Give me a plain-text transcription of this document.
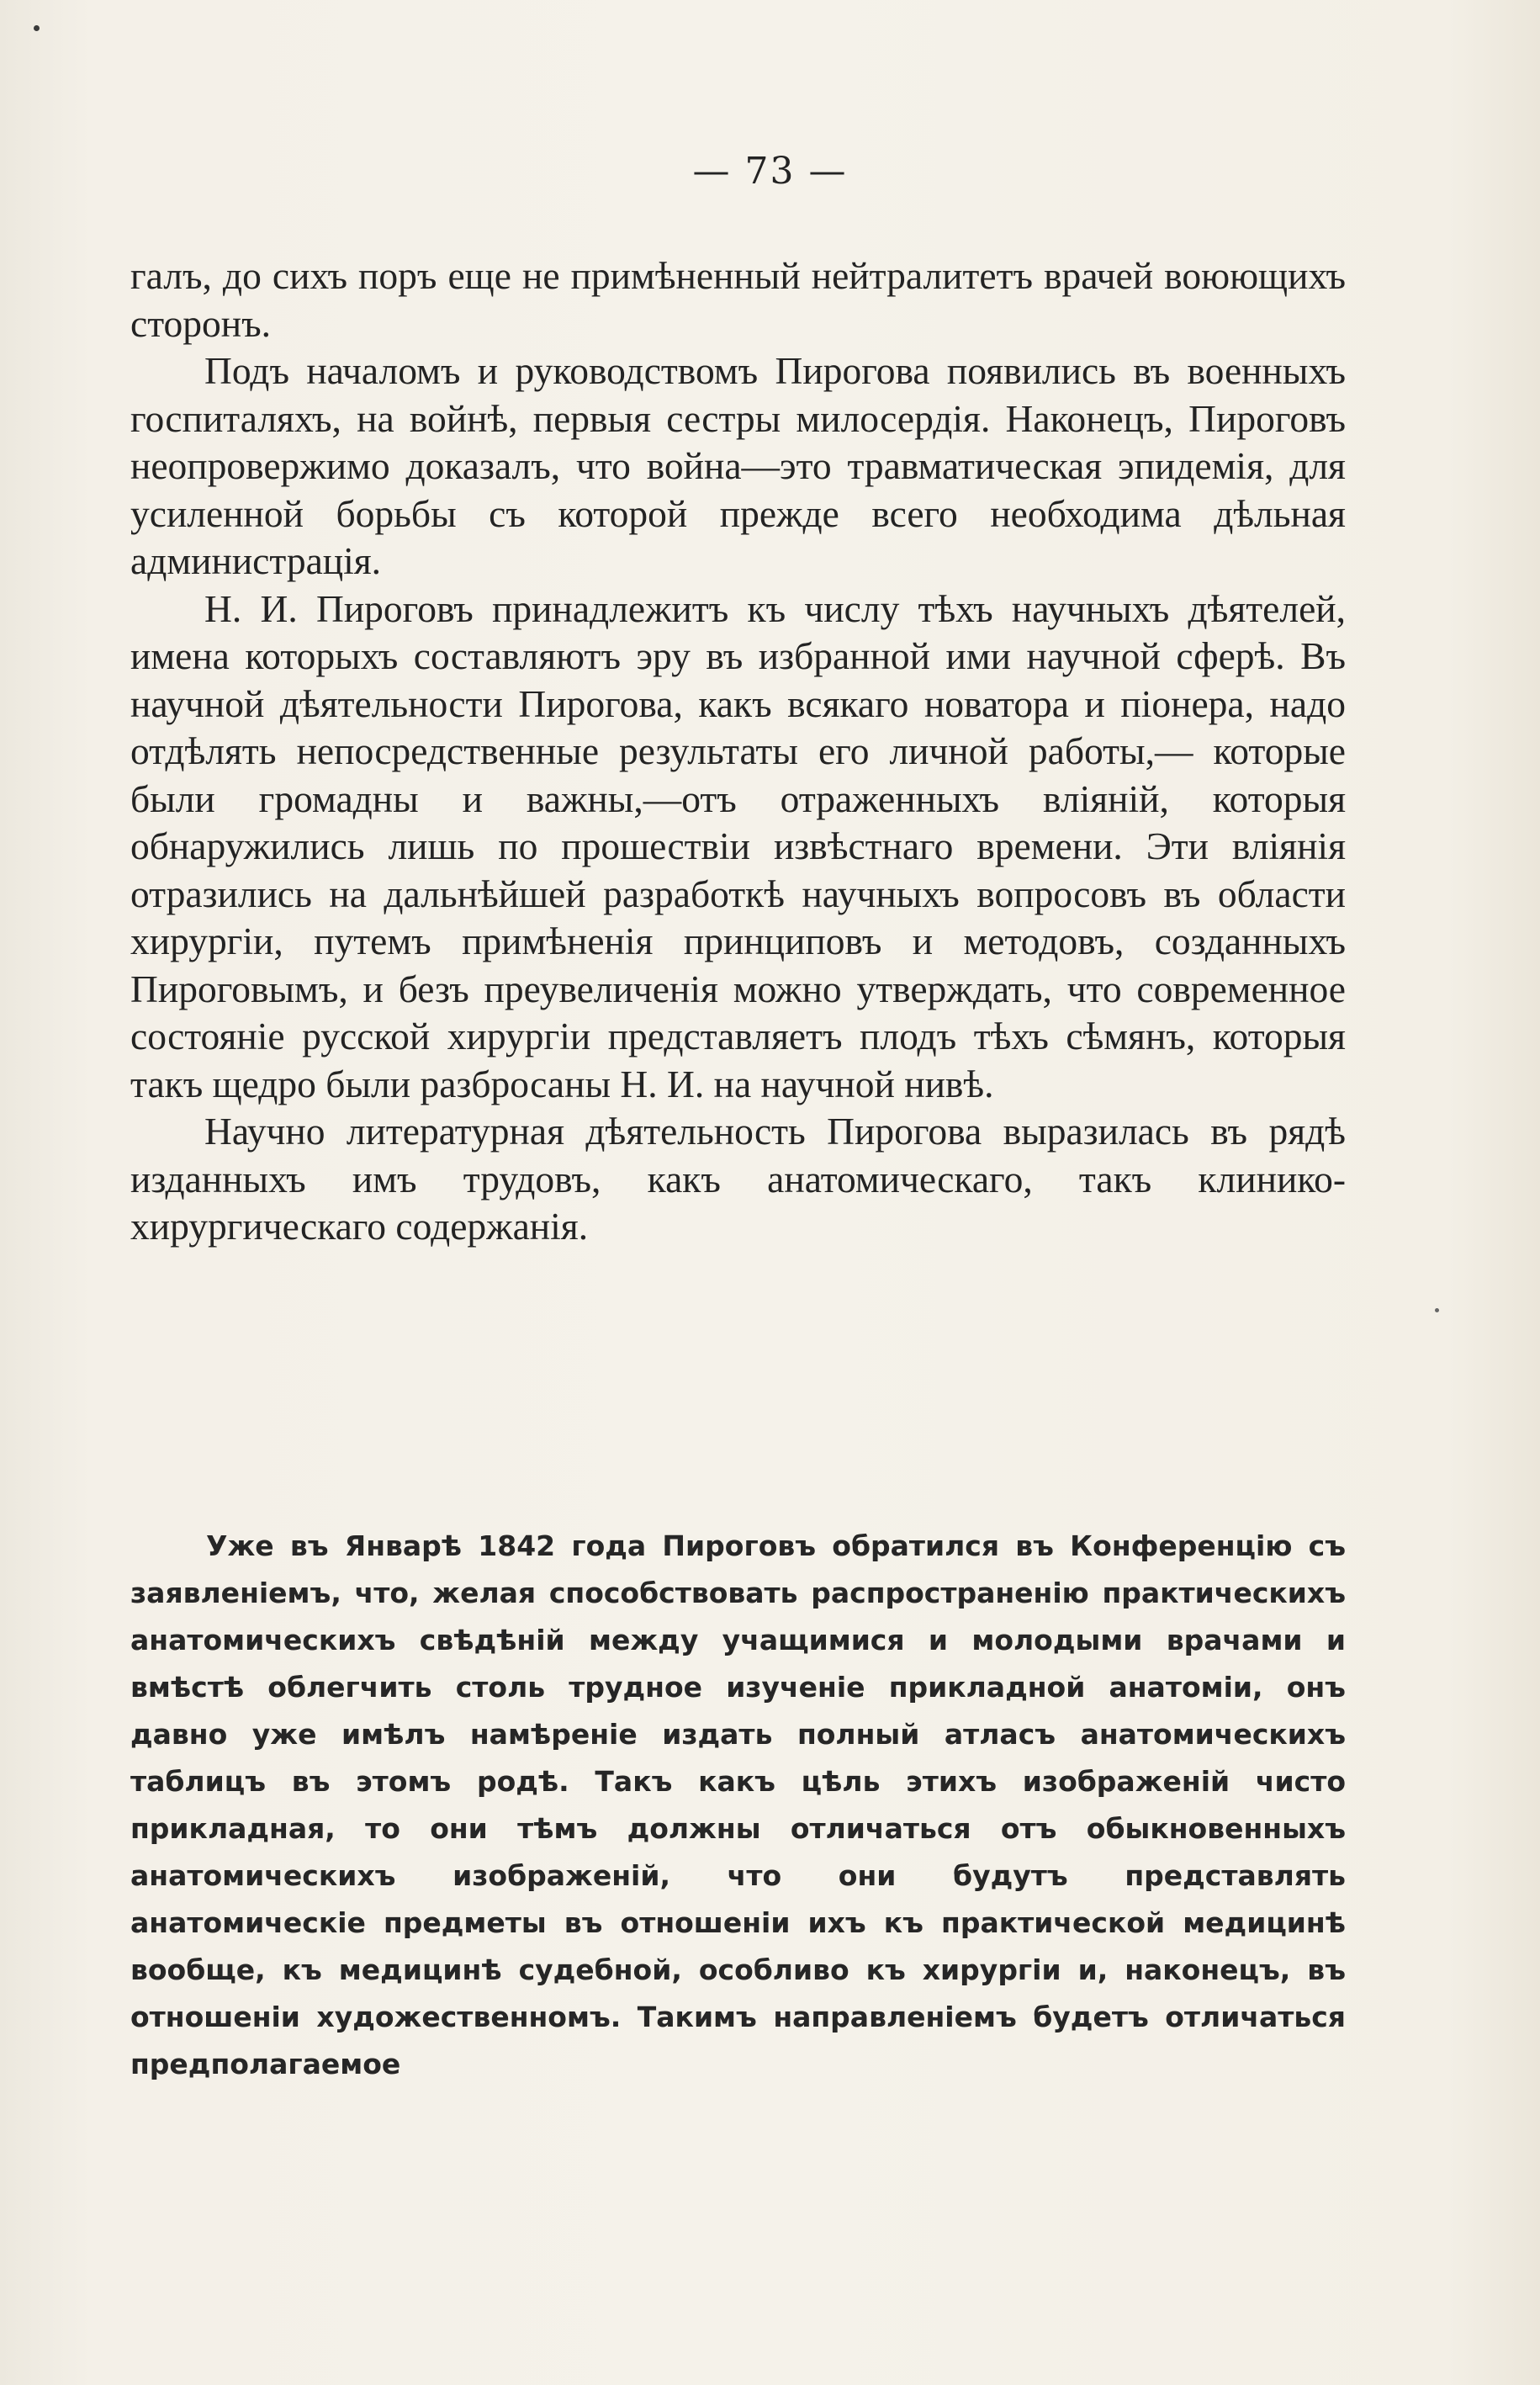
— 73 —

галъ, до сихъ поръ еще не примѣненный нейтралитетъ врачей воюющихъ сторонъ.

Подъ началомъ и руководствомъ Пирогова появились въ военныхъ госпиталяхъ, на войнѣ, первыя сестры милосердія. Наконецъ, Пироговъ неопровержимо доказалъ, что война—это травматическая эпидемія, для усиленной борьбы съ которой прежде всего необходима дѣльная администрація.

Н. И. Пироговъ принадлежитъ къ числу тѣхъ научныхъ дѣятелей, имена которыхъ составляютъ эру въ избранной ими научной сферѣ. Въ научной дѣятельности Пирогова, какъ всякаго новатора и піонера, надо отдѣлять непосредственные результаты его личной работы,— которые были громадны и важны,—отъ отраженныхъ вліяній, которыя обнаружились лишь по прошествіи извѣстнаго времени. Эти вліянія отразились на дальнѣйшей разработкѣ научныхъ вопросовъ въ области хирургіи, путемъ примѣненія принциповъ и методовъ, созданныхъ Пироговымъ, и безъ преувеличенія можно утверждать, что современное состояніе русской хирургіи представляетъ плодъ тѣхъ сѣмянъ, которыя такъ щедро были разбросаны Н. И. на научной нивѣ.

Научно литературная дѣятельность Пирогова выразилась въ рядѣ изданныхъ имъ трудовъ, какъ анатомическаго, такъ клинико-хирургическаго содержанія.

Уже въ Январѣ 1842 года Пироговъ обратился въ Конференцію съ заявленіемъ, что, желая способствовать распространенію практическихъ анатомическихъ свѣдѣній между учащимися и молодыми врачами и вмѣстѣ облегчить столь трудное изученіе прикладной анатоміи, онъ давно уже имѣлъ намѣреніе издать полный атласъ анатомическихъ таблицъ въ этомъ родѣ. Такъ какъ цѣль этихъ изображеній чисто прикладная, то они тѣмъ должны отличаться отъ обыкновенныхъ анатомическихъ изображеній, что они будутъ представлять анатомическіе предметы въ отношеніи ихъ къ практической медицинѣ вообще, къ медицинѣ судебной, особливо къ хирургіи и, наконецъ, въ отношеніи художественномъ. Такимъ направленіемъ будетъ отличаться предполагаемое
